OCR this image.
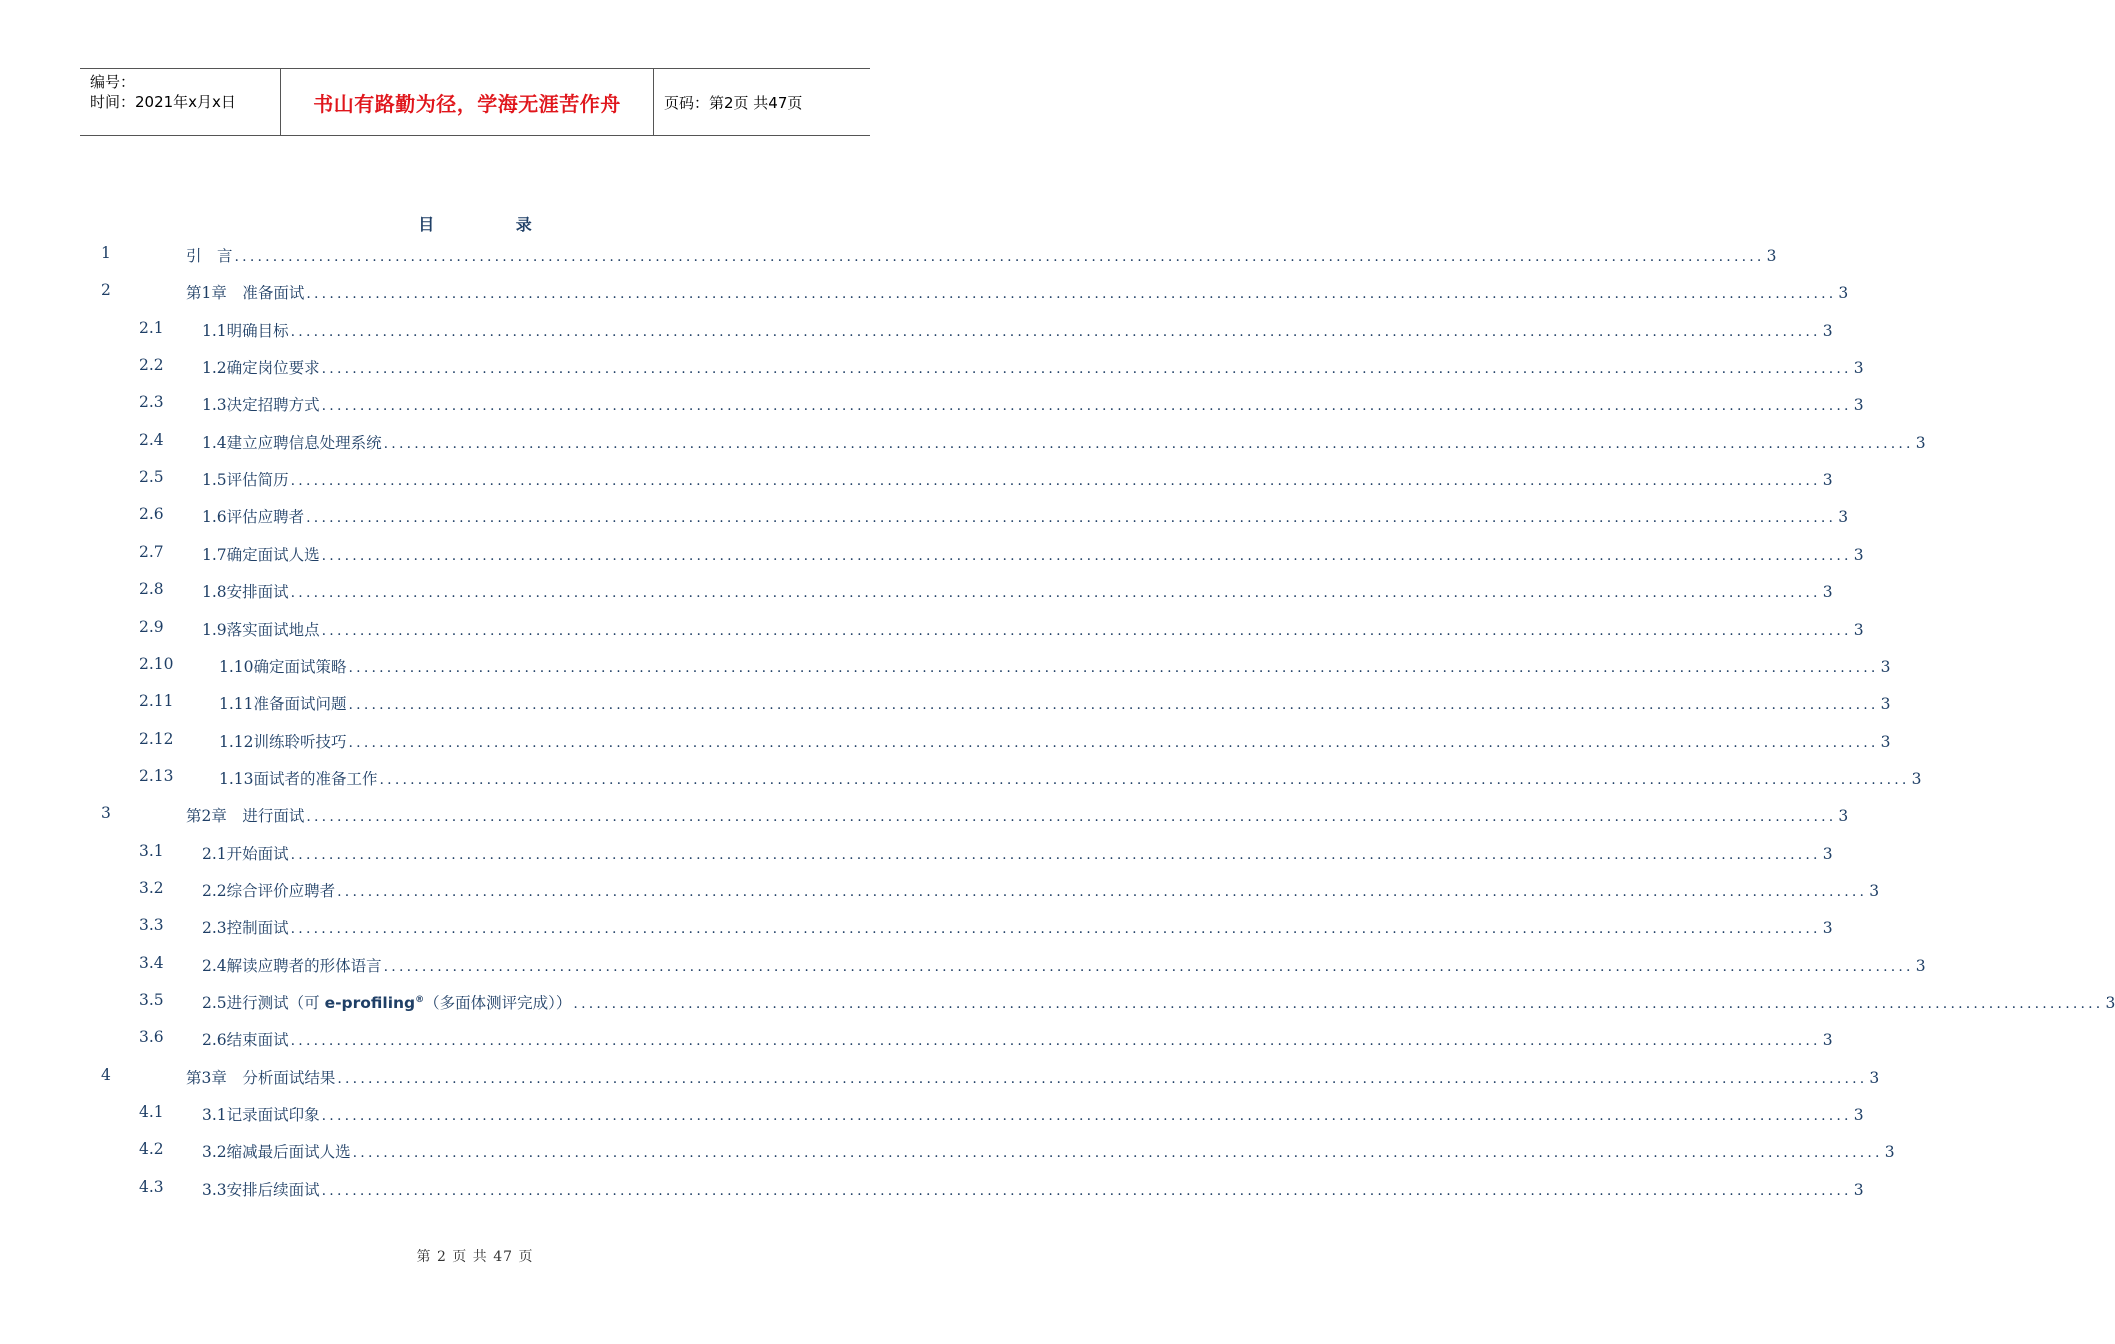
编号：
时间：2021年x月x日	书山有路勤为径，学海无涯苦作舟	页码：第2页 共47页
目 录
1	引　言 ........................................................................................................................................................................................................ 3
2	第1章　准备面试 ........................................................................................................................................................................................................ 3
2.1 1.1明确目标 ........................................................................................................................................................................................................ 3
2.2 1.2确定岗位要求 ........................................................................................................................................................................................................ 3
2.3 1.3决定招聘方式 ........................................................................................................................................................................................................ 3
2.4 1.4建立应聘信息处理系统 ........................................................................................................................................................................................................ 3
2.5 1.5评估简历 ........................................................................................................................................................................................................ 3
2.6 1.6评估应聘者 ........................................................................................................................................................................................................ 3
2.7 1.7确定面试人选 ........................................................................................................................................................................................................ 3
2.8 1.8安排面试 ........................................................................................................................................................................................................ 3
2.9 1.9落实面试地点 ........................................................................................................................................................................................................ 3
2.10	1.10确定面试策略 ........................................................................................................................................................................................................ 3
2.11	1.11准备面试问题 ........................................................................................................................................................................................................ 3
2.12	1.12训练聆听技巧 ........................................................................................................................................................................................................ 3
2.13	1.13面试者的准备工作 ........................................................................................................................................................................................................ 3
3	第2章　进行面试 ........................................................................................................................................................................................................ 3
3.1 2.1开始面试 ........................................................................................................................................................................................................ 3
3.2 2.2综合评价应聘者 ........................................................................................................................................................................................................ 3
3.3 2.3控制面试 ........................................................................................................................................................................................................ 3
3.4 2.4解读应聘者的形体语言 ........................................................................................................................................................................................................ 3
3.5 2.5进行测试（可 e-profiling®（多面体测评完成）） ........................................................................................................................................................................................................ 3
3.6 2.6结束面试 ........................................................................................................................................................................................................ 3
4	第3章　分析面试结果 ........................................................................................................................................................................................................ 3
4.1 3.1记录面试印象 ........................................................................................................................................................................................................ 3
4.2 3.2缩减最后面试人选 ........................................................................................................................................................................................................ 3
4.3 3.3安排后续面试 ........................................................................................................................................................................................................ 3
第 2 页 共 47 页
